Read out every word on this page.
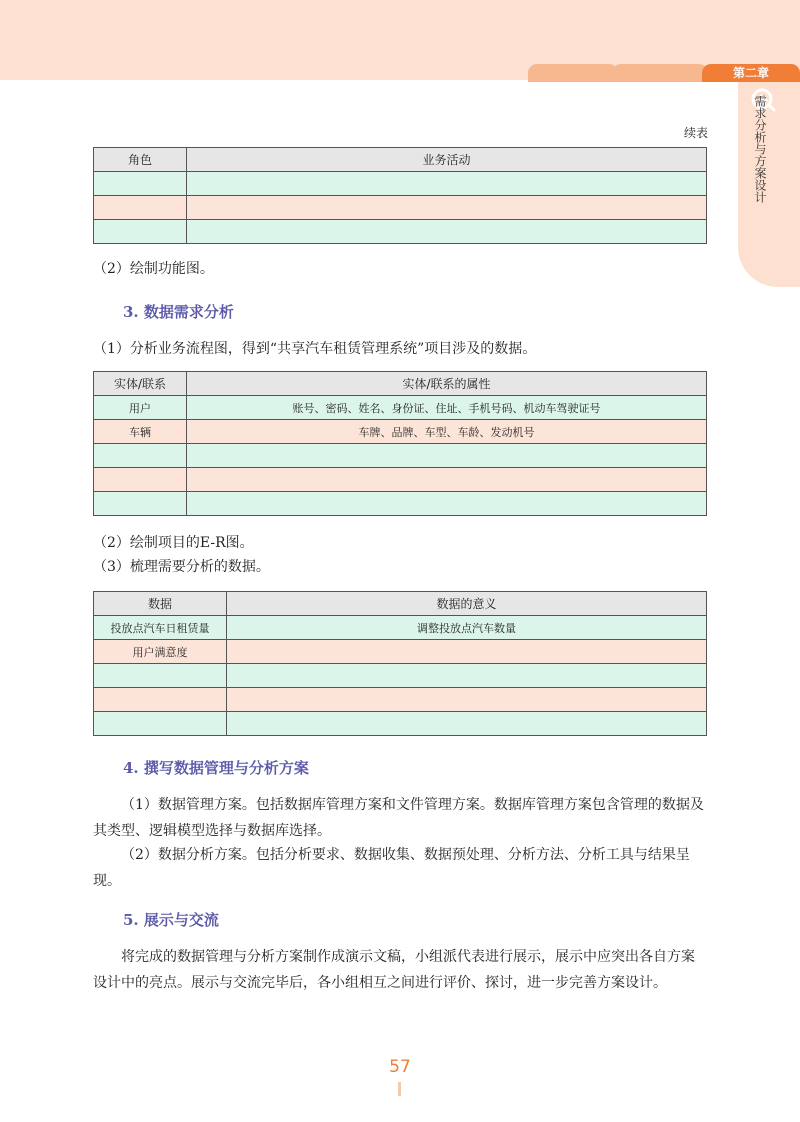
第二章
需求分析与方案设计
续表
角色	业务活动

（2）绘制功能图。
3. 数据需求分析
（1）分析业务流程图，得到“共享汽车租赁管理系统”项目涉及的数据。
实体/联系	实体/联系的属性
用户	账号、密码、姓名、身份证、住址、手机号码、机动车驾驶证号
车辆	车牌、品牌、车型、车龄、发动机号

（2）绘制项目的E-R图。
（3）梳理需要分析的数据。
数据	数据的意义
投放点汽车日租赁量	调整投放点汽车数量
用户满意度	

4. 撰写数据管理与分析方案
（1）数据管理方案。包括数据库管理方案和文件管理方案。数据库管理方案包含管理的数据及其类型、逻辑模型选择与数据库选择。
（2）数据分析方案。包括分析要求、数据收集、数据预处理、分析方法、分析工具与结果呈现。
5. 展示与交流
将完成的数据管理与分析方案制作成演示文稿，小组派代表进行展示，展示中应突出各自方案设计中的亮点。展示与交流完毕后，各小组相互之间进行评价、探讨，进一步完善方案设计。
57
